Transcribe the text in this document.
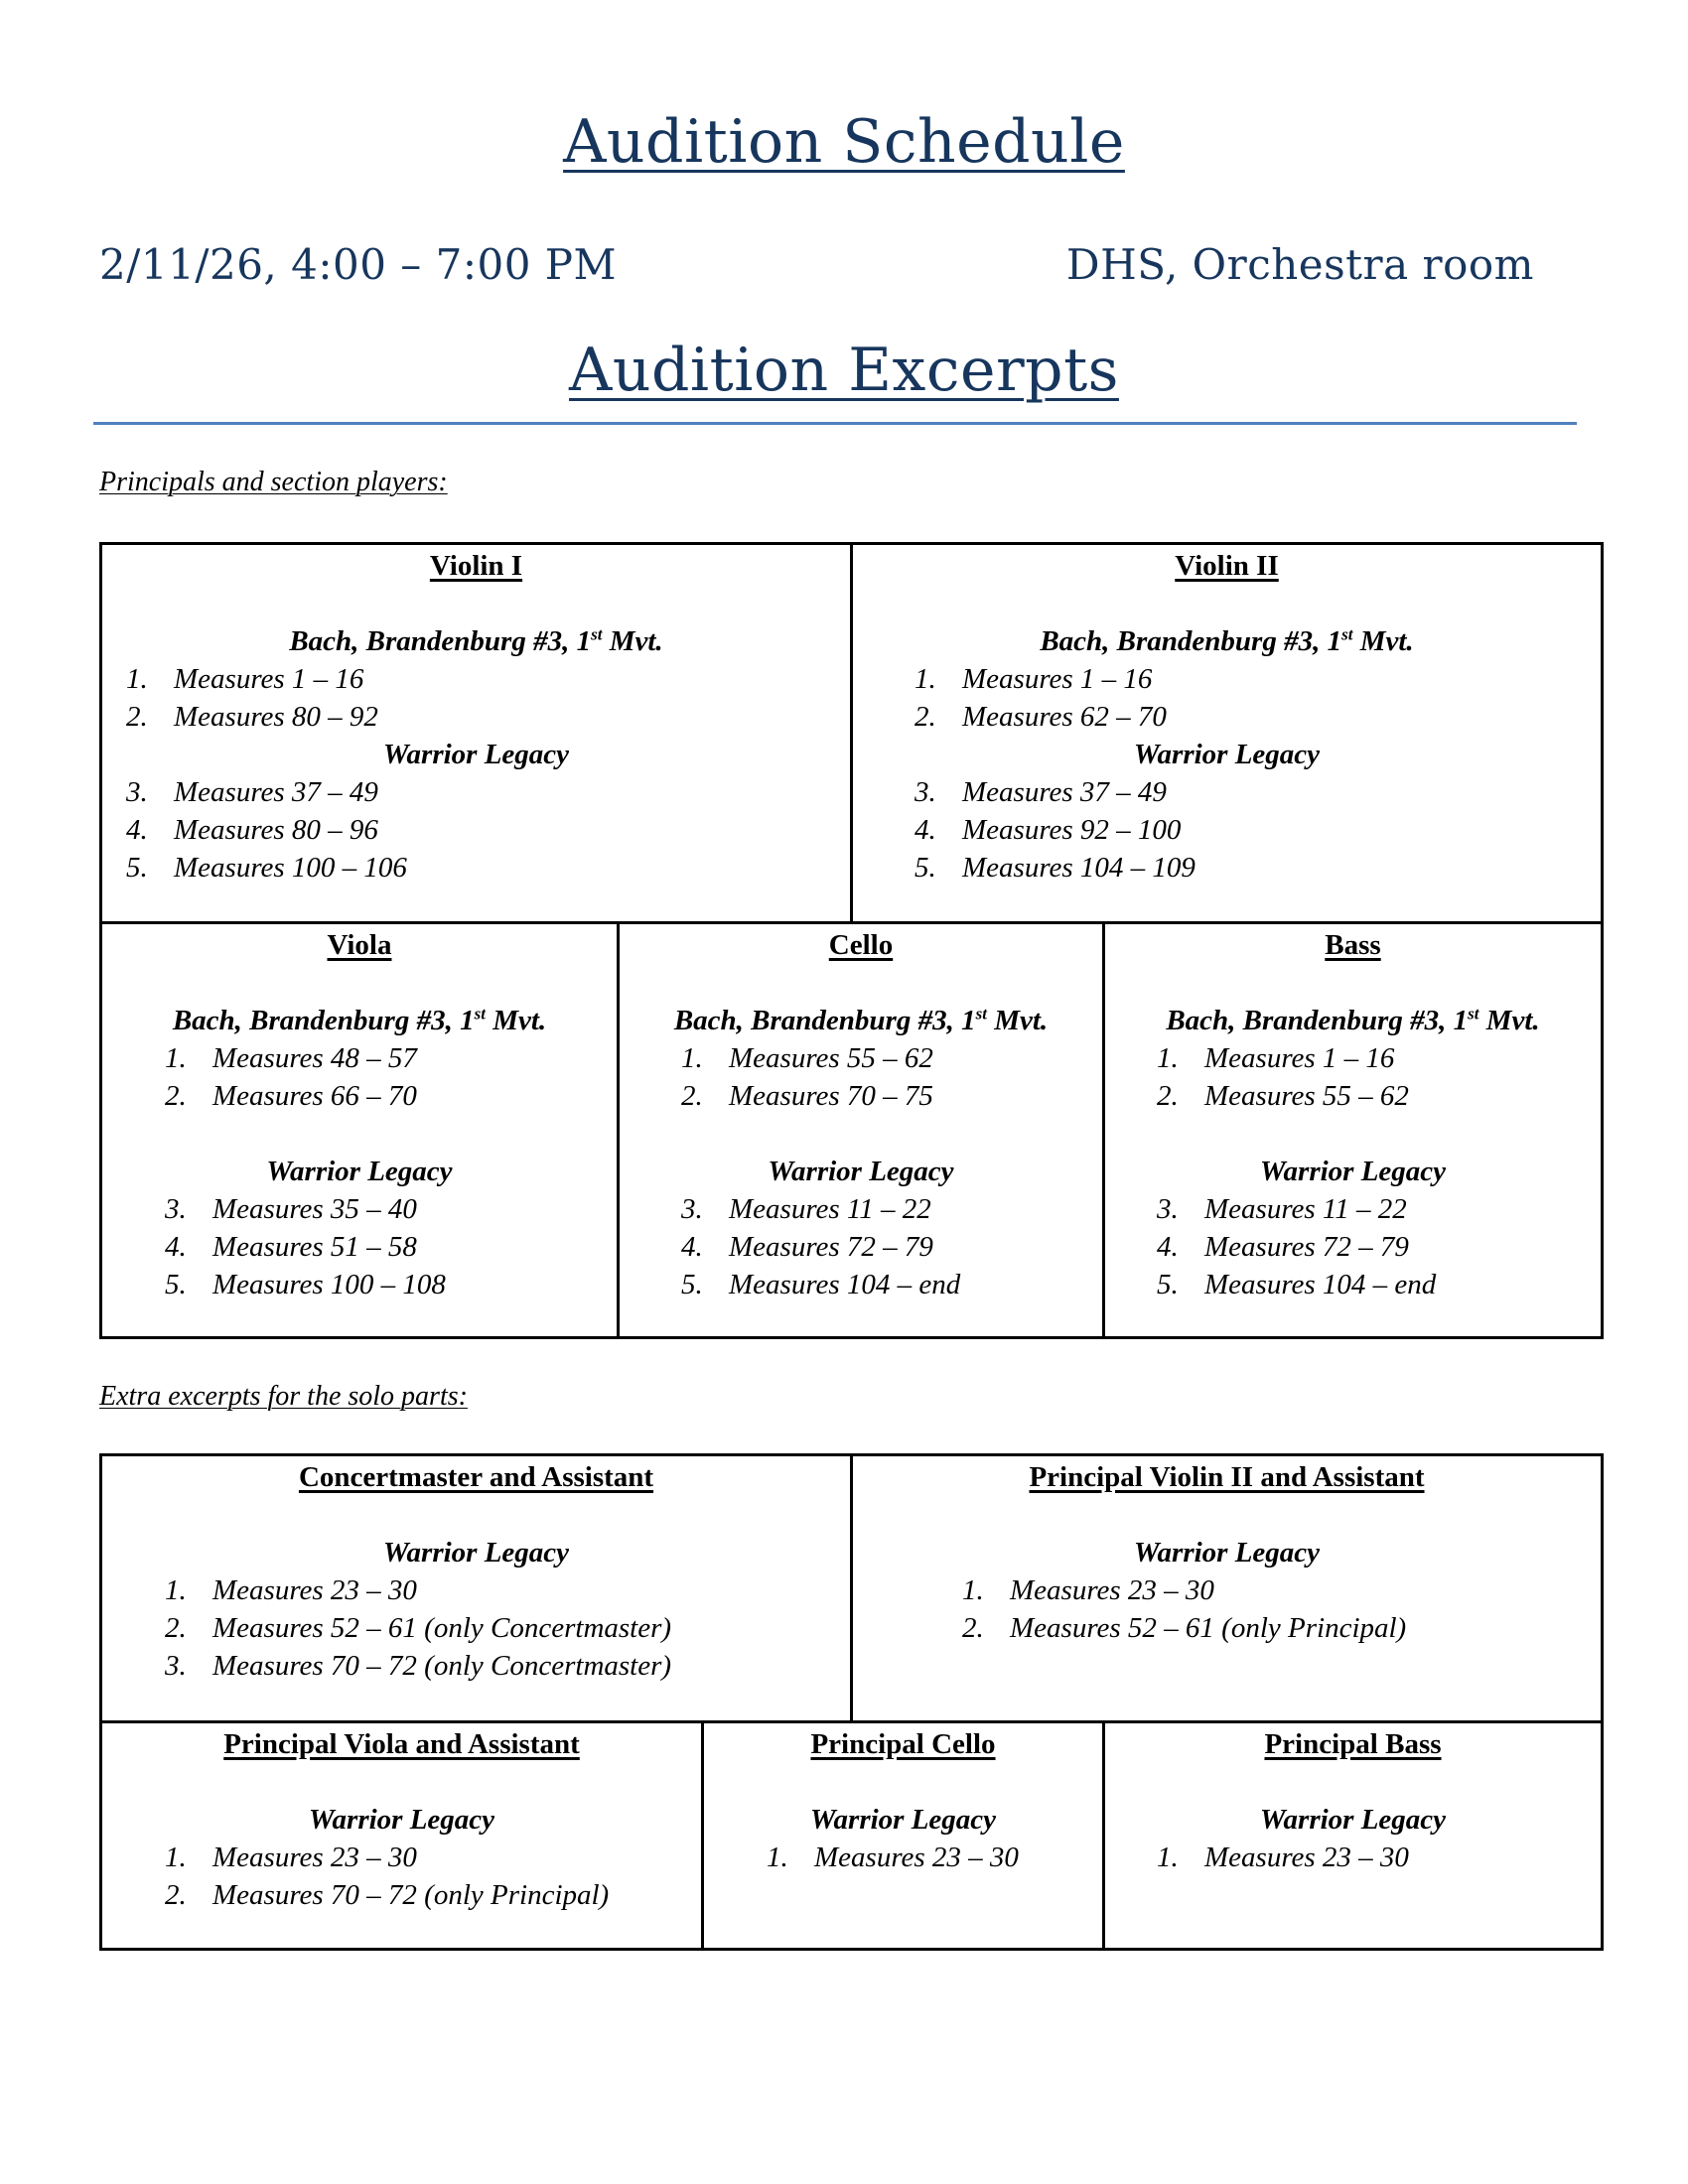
Audition Schedule
2/11/26, 4:00 – 7:00 PM	DHS, Orchestra room
Audition Excerpts
Principals and section players:
Violin I
Bach, Brandenburg #3, 1st Mvt.
1. Measures 1 – 16
2. Measures 80 – 92
Warrior Legacy
3. Measures 37 – 49
4. Measures 80 – 96
5. Measures 100 – 106
Violin II
Bach, Brandenburg #3, 1st Mvt.
1. Measures 1 – 16
2. Measures 62 – 70
Warrior Legacy
3. Measures 37 – 49
4. Measures 92 – 100
5. Measures 104 – 109
Viola
Bach, Brandenburg #3, 1st Mvt.
1. Measures 48 – 57
2. Measures 66 – 70
Warrior Legacy
3. Measures 35 – 40
4. Measures 51 – 58
5. Measures 100 – 108
Cello
Bach, Brandenburg #3, 1st Mvt.
1. Measures 55 – 62
2. Measures 70 – 75
Warrior Legacy
3. Measures 11 – 22
4. Measures 72 – 79
5. Measures 104 – end
Bass
Bach, Brandenburg #3, 1st Mvt.
1. Measures 1 – 16
2. Measures 55 – 62
Warrior Legacy
3. Measures 11 – 22
4. Measures 72 – 79
5. Measures 104 – end
Extra excerpts for the solo parts:
Concertmaster and Assistant
Warrior Legacy
1. Measures 23 – 30
2. Measures 52 – 61 (only Concertmaster)
3. Measures 70 – 72 (only Concertmaster)
Principal Violin II and Assistant
Warrior Legacy
1. Measures 23 – 30
2. Measures 52 – 61 (only Principal)
Principal Viola and Assistant
Warrior Legacy
1. Measures 23 – 30
2. Measures 70 – 72 (only Principal)
Principal Cello
Warrior Legacy
1. Measures 23 – 30
Principal Bass
Warrior Legacy
1. Measures 23 – 30
